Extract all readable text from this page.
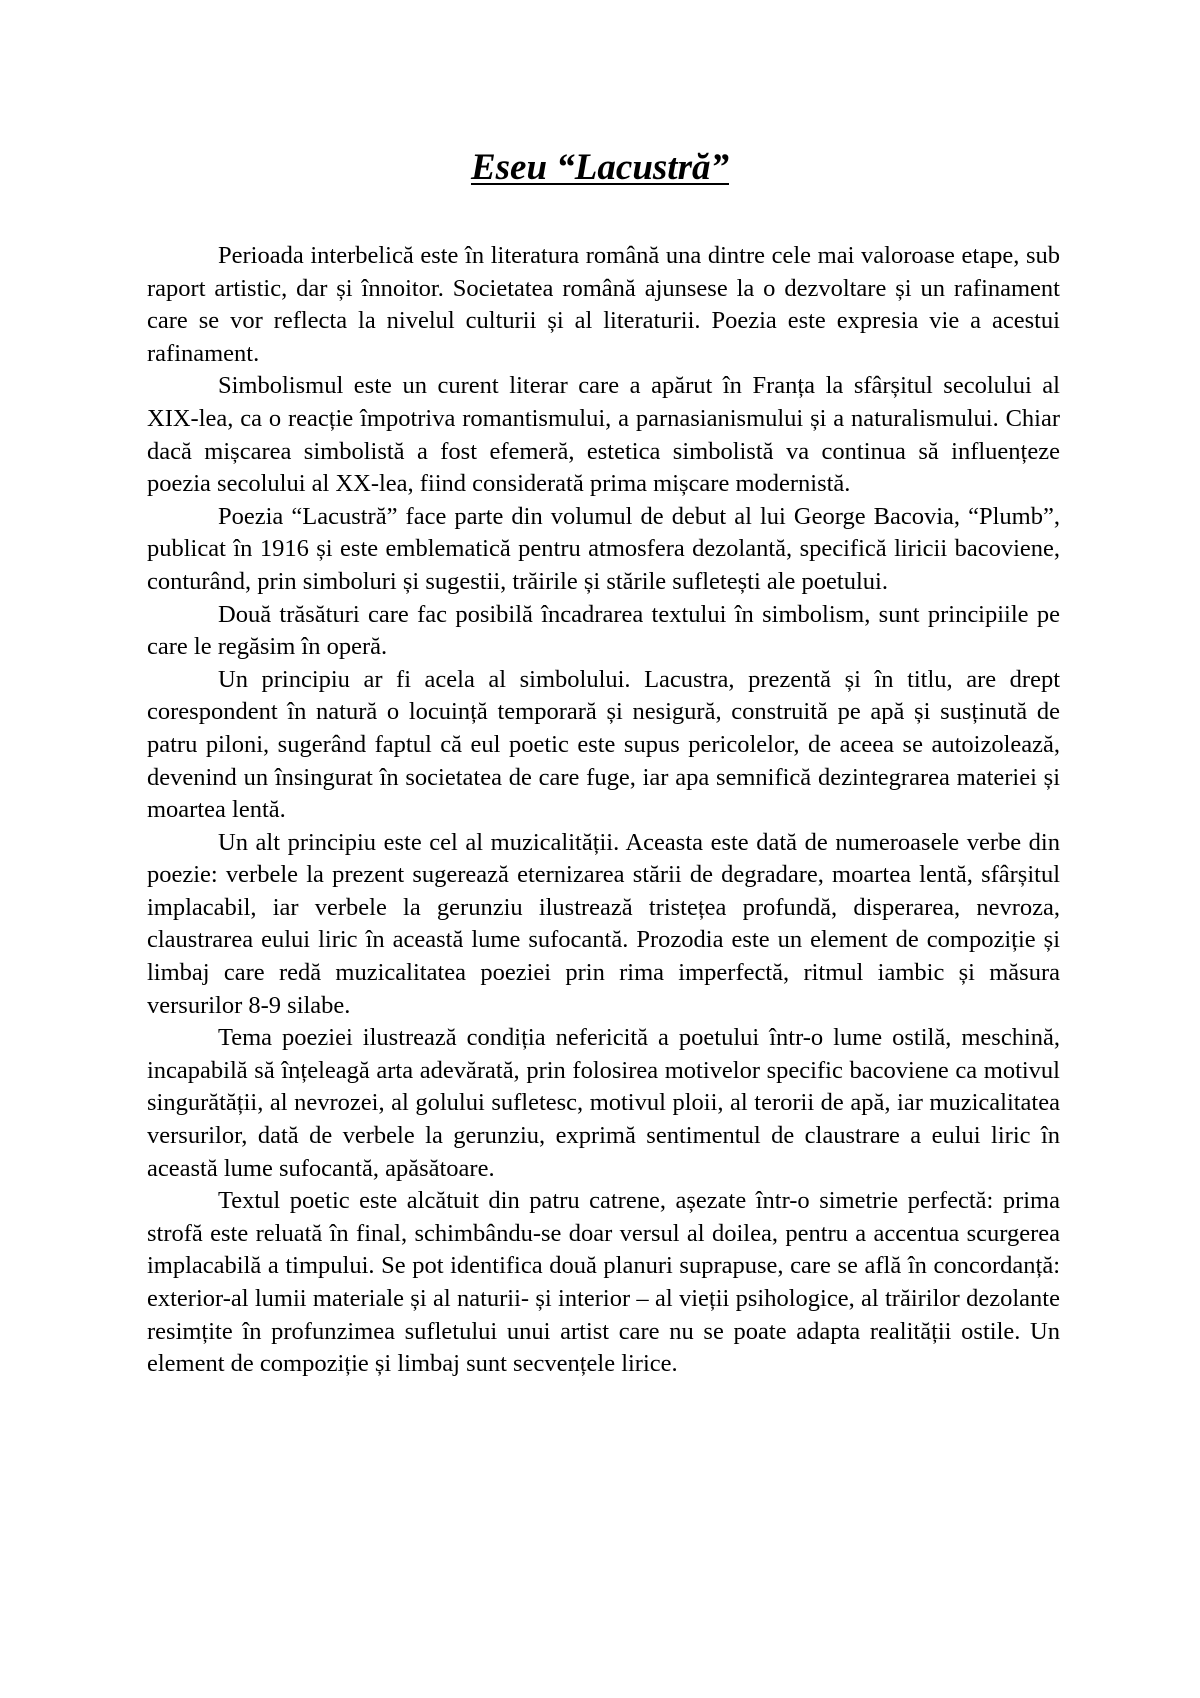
Eseu “Lacustră”

Perioada interbelică este în literatura română una dintre cele mai valoroase etape, sub raport artistic, dar și înnoitor. Societatea română ajunsese la o dezvoltare și un rafinament care se vor reflecta la nivelul culturii și al literaturii. Poezia este expresia vie a acestui rafinament.

Simbolismul este un curent literar care a apărut în Franța la sfârșitul secolului al XIX-lea, ca o reacție împotriva romantismului, a parnasianismului și a naturalismului. Chiar dacă mișcarea simbolistă a fost efemeră, estetica simbolistă va continua să influențeze poezia secolului al XX-lea, fiind considerată prima mișcare modernistă.

Poezia “Lacustră” face parte din volumul de debut al lui George Bacovia, “Plumb”, publicat în 1916 și este emblematică pentru atmosfera dezolantă, specifică liricii bacoviene, conturând, prin simboluri și sugestii, trăirile și stările sufletești ale poetului.

Două trăsături care fac posibilă încadrarea textului în simbolism, sunt principiile pe care le regăsim în operă.

Un principiu ar fi acela al simbolului. Lacustra, prezentă și în titlu, are drept corespondent în natură o locuință temporară și nesigură, construită pe apă și susținută de patru piloni, sugerând faptul că eul poetic este supus pericolelor, de aceea se autoizolează, devenind un însingurat în societatea de care fuge, iar apa semnifică dezintegrarea materiei și moartea lentă.

Un alt principiu este cel al muzicalității. Aceasta este dată de numeroasele verbe din poezie: verbele la prezent sugerează eternizarea stării de degradare, moartea lentă, sfârșitul implacabil, iar verbele la gerunziu ilustrează tristețea profundă, disperarea, nevroza, claustrarea eului liric în această lume sufocantă. Prozodia este un element de compoziție și limbaj care redă muzicalitatea poeziei prin rima imperfectă, ritmul iambic și măsura versurilor 8-9 silabe.

Tema poeziei ilustrează condiția nefericită a poetului într-o lume ostilă, meschină, incapabilă să înțeleagă arta adevărată, prin folosirea motivelor specific bacoviene ca motivul singurătății, al nevrozei, al golului sufletesc, motivul ploii, al terorii de apă, iar muzicalitatea versurilor, dată de verbele la gerunziu, exprimă sentimentul de claustrare a eului liric în această lume sufocantă, apăsătoare.

Textul poetic este alcătuit din patru catrene, așezate într-o simetrie perfectă: prima strofă este reluată în final, schimbându-se doar versul al doilea, pentru a accentua scurgerea implacabilă a timpului. Se pot identifica două planuri suprapuse, care se află în concordanță: exterior-al lumii materiale și al naturii- și interior – al vieții psihologice, al trăirilor dezolante resimțite în profunzimea sufletului unui artist care nu se poate adapta realității ostile. Un element de compoziție și limbaj sunt secvențele lirice.
